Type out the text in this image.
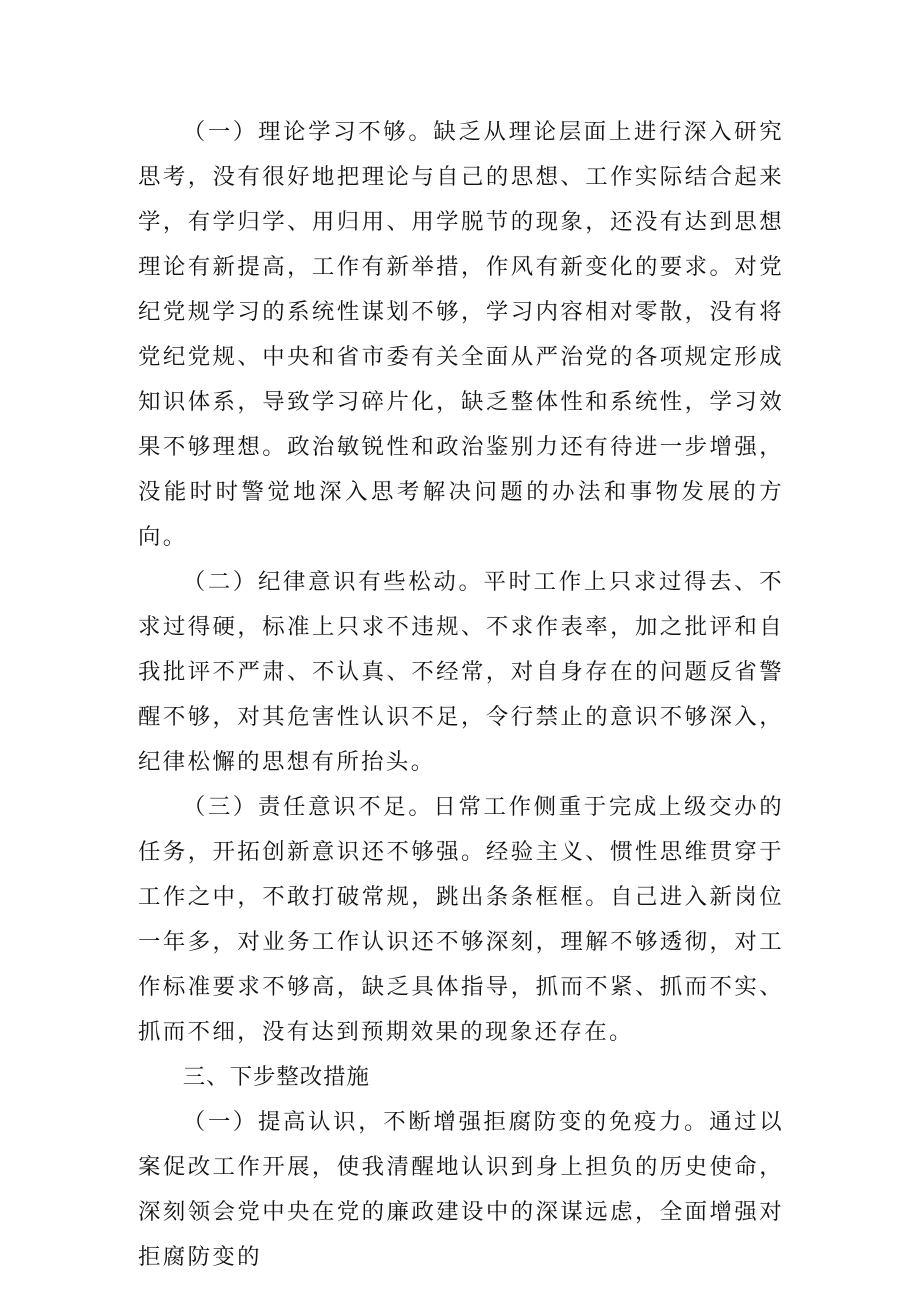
（一）理论学习不够。缺乏从理论层面上进行深入研究思考，没有很好地把理论与自己的思想、工作实际结合起来学，有学归学、用归用、用学脱节的现象，还没有达到思想理论有新提高，工作有新举措，作风有新变化的要求。对党纪党规学习的系统性谋划不够，学习内容相对零散，没有将党纪党规、中央和省市委有关全面从严治党的各项规定形成知识体系，导致学习碎片化，缺乏整体性和系统性，学习效果不够理想。政治敏锐性和政治鉴别力还有待进一步增强，没能时时警觉地深入思考解决问题的办法和事物发展的方向。

（二）纪律意识有些松动。平时工作上只求过得去、不求过得硬，标准上只求不违规、不求作表率，加之批评和自我批评不严肃、不认真、不经常，对自身存在的问题反省警醒不够，对其危害性认识不足，令行禁止的意识不够深入，纪律松懈的思想有所抬头。

（三）责任意识不足。日常工作侧重于完成上级交办的任务，开拓创新意识还不够强。经验主义、惯性思维贯穿于工作之中，不敢打破常规，跳出条条框框。自己进入新岗位一年多，对业务工作认识还不够深刻，理解不够透彻，对工作标准要求不够高，缺乏具体指导，抓而不紧、抓而不实、抓而不细，没有达到预期效果的现象还存在。

三、下步整改措施

（一）提高认识，不断增强拒腐防变的免疫力。通过以案促改工作开展，使我清醒地认识到身上担负的历史使命，深刻领会党中央在党的廉政建设中的深谋远虑，全面增强对拒腐防变的
